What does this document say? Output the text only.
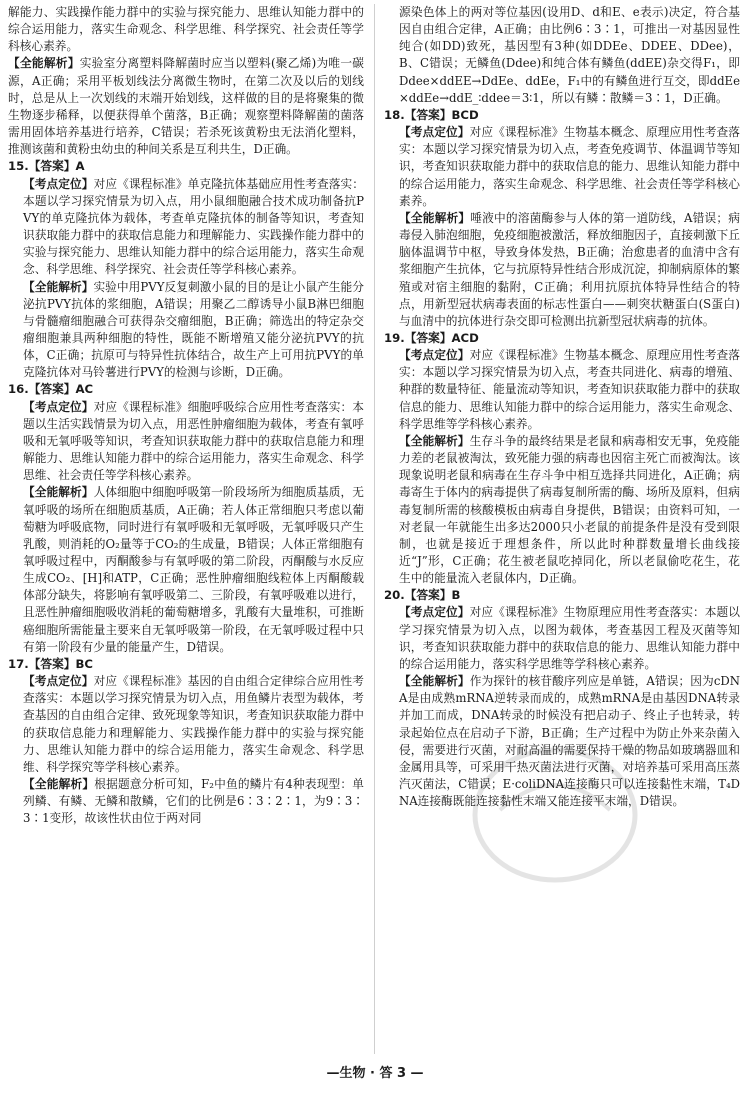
解能力、实践操作能力群中的实验与探究能力、思维认知能力群中的综合运用能力，落实生命观念、科学思维、科学探究、社会责任等学科核心素养。

【全能解析】实验室分离塑料降解菌时应当以塑料(聚乙烯)为唯一碳源，A正确；采用平板划线法分离微生物时，在第二次及以后的划线时，总是从上一次划线的末端开始划线，这样做的目的是将聚集的微生物逐步稀释，以便获得单个菌落，B正确；观察塑料降解菌的菌落需用固体培养基进行培养，C错误；若杀死该黄粉虫无法消化塑料，推测该菌和黄粉虫幼虫的种间关系是互利共生，D正确。

15.【答案】A

【考点定位】对应《课程标准》单克隆抗体基础应用性考查落实：本题以学习探究情景为切入点，用小鼠细胞融合技术成功制备抗PVY的单克隆抗体为载体，考查单克隆抗体的制备等知识，考查知识获取能力群中的获取信息能力和理解能力、实践操作能力群中的实验与探究能力、思维认知能力群中的综合运用能力，落实生命观念、科学思维、科学探究、社会责任等学科核心素养。

【全能解析】实验中用PVY反复刺激小鼠的目的是让小鼠产生能分泌抗PVY抗体的浆细胞，A错误；用聚乙二醇诱导小鼠B淋巴细胞与骨髓瘤细胞融合可获得杂交瘤细胞，B正确；筛选出的特定杂交瘤细胞兼具两种细胞的特性，既能不断增殖又能分泌抗PVY的抗体，C正确；抗原可与特异性抗体结合，故生产上可用抗PVY的单克隆抗体对马铃薯进行PVY的检测与诊断，D正确。

16.【答案】AC

【考点定位】对应《课程标准》细胞呼吸综合应用性考查落实：本题以生活实践情景为切入点，用恶性肿瘤细胞为载体，考查有氧呼吸和无氧呼吸等知识，考查知识获取能力群中的获取信息能力和理解能力、思维认知能力群中的综合运用能力，落实生命观念、科学思维、社会责任等学科核心素养。

【全能解析】人体细胞中细胞呼吸第一阶段场所为细胞质基质，无氧呼吸的场所在细胞质基质，A正确；若人体正常细胞只考虑以葡萄糖为呼吸底物，同时进行有氧呼吸和无氧呼吸，无氧呼吸只产生乳酸，则消耗的O₂量等于CO₂的生成量，B错误；人体正常细胞有氧呼吸过程中，丙酮酸参与有氧呼吸的第二阶段，丙酮酸与水反应生成CO₂、[H]和ATP，C正确；恶性肿瘤细胞线粒体上丙酮酸载体部分缺失，将影响有氧呼吸第二、三阶段，有氧呼吸难以进行，且恶性肿瘤细胞吸收消耗的葡萄糖增多，乳酸有大量堆积，可推断癌细胞所需能量主要来自无氧呼吸第一阶段，在无氧呼吸过程中只有第一阶段有少量的能量产生，D错误。

17.【答案】BC

【考点定位】对应《课程标准》基因的自由组合定律综合应用性考查落实：本题以学习探究情景为切入点，用鱼鳞片表型为载体，考查基因的自由组合定律、致死现象等知识，考查知识获取能力群中的获取信息能力和理解能力、实践操作能力群中的实验与探究能力、思维认知能力群中的综合运用能力，落实生命观念、科学思维、科学探究等学科核心素养。

【全能解析】根据题意分析可知，F₂中鱼的鳞片有4种表现型：单列鳞、有鳞、无鳞和散鳞，它们的比例是6∶3∶2∶1，为9∶3∶3∶1变形，故该性状由位于两对同

源染色体上的两对等位基因(设用D、d和E、e表示)决定，符合基因自由组合定律，A正确；由比例6∶3∶1，可推出一对基因显性纯合(如DD)致死，基因型有3种(如DDEe、DDEE、DDee)，B、C错误；无鳞鱼(Ddee)和纯合体有鳞鱼(ddEE)杂交得F₁，即Ddee×ddEE→DdEe、ddEe，F₁中的有鳞鱼进行互交，即ddEe×ddEe→ddE_∶ddee＝3∶1，所以有鳞∶散鳞＝3∶1，D正确。

18.【答案】BCD

【考点定位】对应《课程标准》生物基本概念、原理应用性考查落实：本题以学习探究情景为切入点，考查免疫调节、体温调节等知识，考查知识获取能力群中的获取信息的能力、思维认知能力群中的综合运用能力，落实生命观念、科学思维、社会责任等学科核心素养。

【全能解析】唾液中的溶菌酶参与人体的第一道防线，A错误；病毒侵入肺泡细胞，免疫细胞被激活，释放细胞因子，直接刺激下丘脑体温调节中枢，导致身体发热，B正确；治愈患者的血清中含有浆细胞产生抗体，它与抗原特异性结合形成沉淀，抑制病原体的繁殖或对宿主细胞的黏附，C正确；利用抗原抗体特异性结合的特点，用新型冠状病毒表面的标志性蛋白——刺突状糖蛋白(S蛋白)与血清中的抗体进行杂交即可检测出抗新型冠状病毒的抗体。

19.【答案】ACD

【考点定位】对应《课程标准》生物基本概念、原理应用性考查落实：本题以学习探究情景为切入点，考查共同进化、病毒的增殖、种群的数量特征、能量流动等知识，考查知识获取能力群中的获取信息的能力、思维认知能力群中的综合运用能力，落实生命观念、科学思维等学科核心素养。

【全能解析】生存斗争的最终结果是老鼠和病毒相安无事，免疫能力差的老鼠被淘汰，致死能力强的病毒也因宿主死亡而被淘汰。该现象说明老鼠和病毒在生存斗争中相互选择共同进化，A正确；病毒寄生于体内的病毒提供了病毒复制所需的酶、场所及原料，但病毒复制所需的核酸模板由病毒自身提供，B错误；由资料可知，一对老鼠一年就能生出多达2000只小老鼠的前提条件是没有受到限制，也就是接近于理想条件，所以此时种群数量增长曲线接近“J”形，C正确；花生被老鼠吃掉同化，所以老鼠偷吃花生，花生中的能量流入老鼠体内，D正确。

20.【答案】B

【考点定位】对应《课程标准》生物原理应用性考查落实：本题以学习探究情景为切入点，以图为载体，考查基因工程及灭菌等知识，考查知识获取能力群中的获取信息的能力、思维认知能力群中的综合运用能力，落实科学思维等学科核心素养。

【全能解析】作为探针的核苷酸序列应是单链，A错误；因为cDNA是由成熟mRNA逆转录而成的，成熟mRNA是由基因DNA转录并加工而成，DNA转录的时候没有把启动子、终止子也转录，转录起始位点在启动子下游，B正确；生产过程中为防止外来杂菌入侵，需要进行灭菌，对耐高温的需要保持干燥的物品如玻璃器皿和金属用具等，可采用干热灭菌法进行灭菌，对培养基可采用高压蒸汽灭菌法，C错误；E·coliDNA连接酶只可以连接黏性末端，T₄DNA连接酶既能连接黏性末端又能连接平末端，D错误。

—生物 · 答 3 —
